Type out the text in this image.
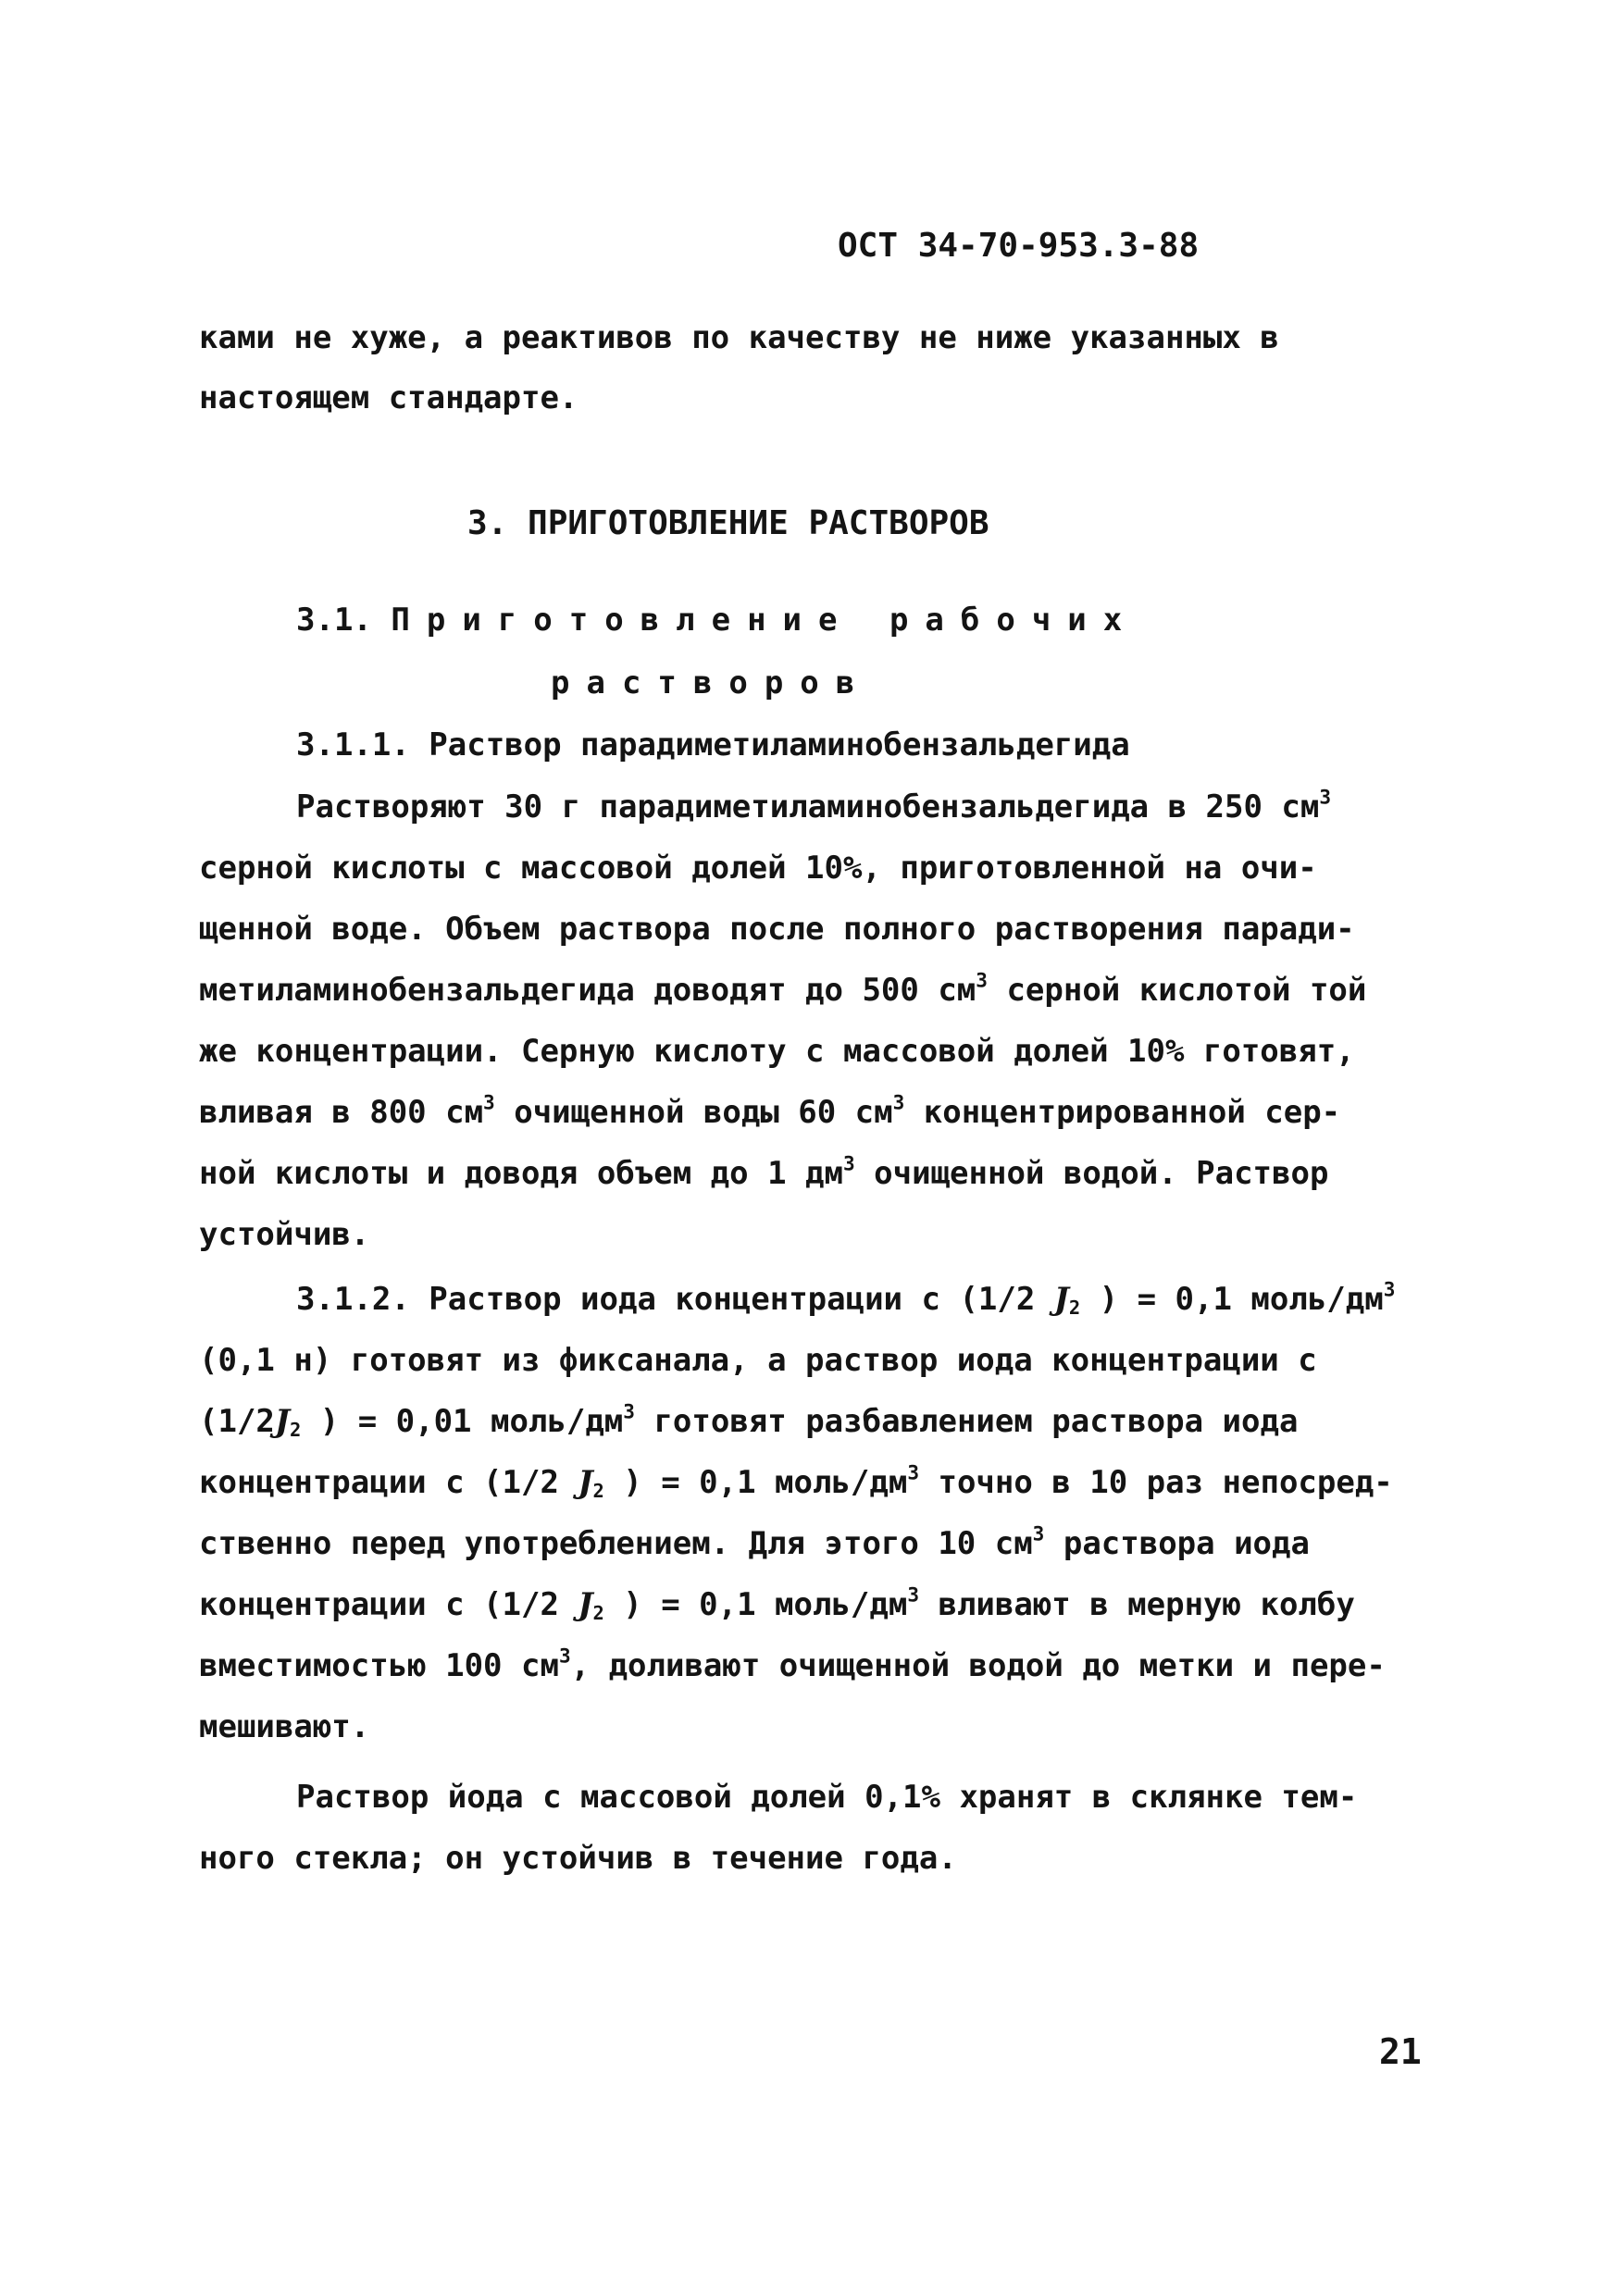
ОСТ 34-70-953.3-88
ками не хуже, а реактивов по качеству не ниже указанных в
настоящем стандарте.
3. ПРИГОТОВЛЕНИЕ РАСТВОРОВ
3.1. Приготовление рабочих
растворов
3.1.1. Раствор парадиметиламинобензальдегида
Растворяют 30 г парадиметиламинобензальдегида в 250 $см^3$
серной кислоты с массовой долей 10%, приготовленной на очи-
щенной воде. Объем раствора после полного растворения паради-
метиламинобензальдегида доводят до 500 $см^3$ серной кислотой той
же концентрации. Серную кислоту с массовой долей 10% готовят,
вливая в 800 $см^3$ очищенной воды 60 $см^3$ концентрированной сер-
ной кислоты и доводя объем до 1 $дм^3$ очищенной водой. Раствор
устойчив.
3.1.2. Раствор иода концентрации с (1/2 $J_2$ ) = 0,1 моль/$дм^3$
(0,1 н) готовят из фиксанала, а раствор иода концентрации с
($1/2J_2$ ) = 0,01 моль/$дм^3$ готовят разбавлением раствора иода
концентрации с (1/2 $J_2$ ) = 0,1 моль/$дм^3$ точно в 10 раз непосред-
ственно перед употреблением. Для этого 10 $см^3$ раствора иода
концентрации с (1/2 $J_2$ ) = 0,1 моль/$дм^3$ вливают в мерную колбу
вместимостью 100 $см^3$, доливают очищенной водой до метки и пере-
мешивают.
Раствор йода с массовой долей 0,1% хранят в склянке тем-
ного стекла; он устойчив в течение года.
21
